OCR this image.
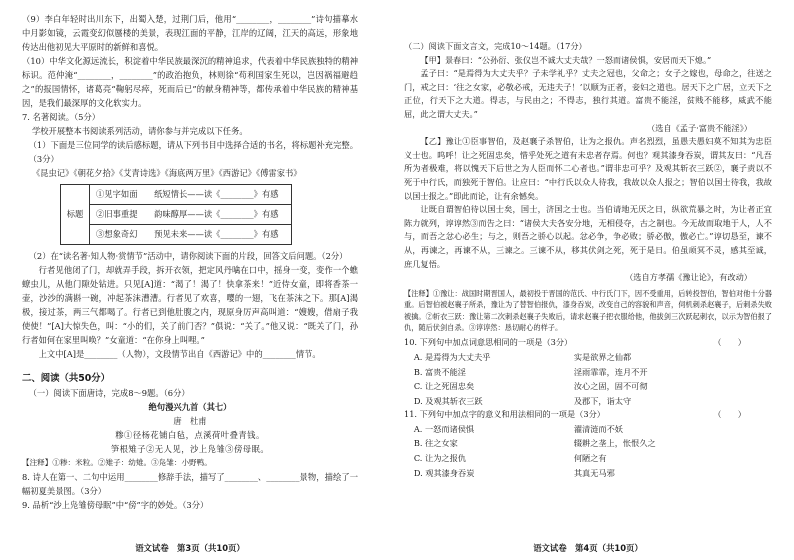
（9）李白年轻时出川东下，出蜀入楚，过荆门后，他用“________，________”诗句描摹水中月影如镜，云霞变幻似蜃楼的美景，表现江面的平静，江岸的辽阔，江天的高远，形象地传达出他初见大平原时的新鲜和喜悦。

（10）中华文化源远流长，积淀着中华民族最深沉的精神追求，代表着中华民族独特的精神标识。范仲淹“________，________”的政治抱负，林则徐“苟利国家生死以，岂因祸福避趋之”的报国情怀，诸葛亮“鞠躬尽瘁，死而后已”的献身精神等，都传承着中华民族的精神基因，是我们最深厚的文化软实力。

7. 名著阅读。（5分）

学校开展整本书阅读系列活动，请你参与并完成以下任务。

（1）下面是三位同学的读后感标题，请从下列书目中选择合适的书名，将标题补充完整。（3分）

《昆虫记》《朝花夕拾》《艾青诗选》《海底两万里》《西游记》《傅雷家书》

标题	①见字如面　　纸短情长——读《________》有感
②旧事重提　　韵味醇厚——读《________》有感
③想象奇幻　　预见未来——读《________》有感

（2）在“读名著·知人物·赏情节”活动中，请你阅读下面的片段，回答文后问题。（2分）

行者见他闭了门，却就弄手段，拆开衣领，把定风丹噙在口中，摇身一变，变作一个蟭蟟虫儿，从他门隙处钻进。只见[A]道：“渴了！渴了！快拿茶来！”近侍女童，即将香茶一壶，沙沙的满斟一碗，冲起茶沫漕漕。行者见了欢喜，嘤的一翅，飞在茶沫之下。那[A]渴极，接过茶，两三气都喝了。行者已到他肚腹之内，现原身厉声高叫道：“嫂嫂，借扇子我使使！”[A]大惊失色，叫：“小的们，关了前门否？”俱说：“关了。”他又说：“既关了门，孙行者如何在家里叫唤？”女童道：“在你身上叫哩。”

上文中[A]是________（人物），文段情节出自《西游记》中的________情节。

二、阅读（共50分）

（一）阅读下面唐诗，完成8～9题。（6分）

绝句漫兴九首（其七）

唐　杜甫

糁①径杨花铺白毡，点溪荷叶叠青钱。

笋根雉子②无人见，沙上凫雏③傍母眠。

【注释】①糁：米粒。②雉子：幼雉。③凫雏：小野鸭。

8. 诗人在第一、二句中运用________修辞手法，描写了________、________景物，描绘了一幅初夏美景图。（3分）

9. 品析“沙上凫雏傍母眠”中“傍”字的妙处。（3分）

语文试卷　第3页（共10页）

（二）阅读下面文言文，完成10～14题。（17分）

【甲】景春曰：“公孙衍、张仪岂不诚大丈夫哉？一怒而诸侯惧，安居而天下熄。”

孟子曰：“是焉得为大丈夫乎？子未学礼乎？丈夫之冠也，父命之；女子之嫁也，母命之，往送之门，戒之曰：‘往之女家，必敬必戒，无违夫子！’以顺为正者，妾妇之道也。居天下之广居，立天下之正位，行天下之大道。得志，与民由之；不得志，独行其道。富贵不能淫，贫贱不能移，威武不能屈，此之谓大丈夫。”

（选自《孟子·富贵不能淫》）

【乙】豫让①臣事智伯，及赵襄子杀智伯，让为之报仇。声名烈烈，虽愚夫愚妇莫不知其为忠臣义士也。呜呼！让之死固忠矣，惜乎处死之道有未忠者存焉。何也？观其漆身吞炭，谓其友曰：“凡吾所为者极难，将以愧天下后世之为人臣而怀二心者也。”谓非忠可乎？及观其斩衣三跃②，襄子责以不死于中行氏，而独死于智伯。让应曰：“中行氏以众人待我，我故以众人报之；智伯以国士待我，我故以国士报之。”即此而论，让有余憾矣。

让既自谓智伯待以国士矣，国士，济国之士也。当伯请地无厌之日，纵欲荒暴之时，为让者正宜陈力就列，谆谆然③而告之曰：“诸侯大夫各安分地，无相侵夺，古之制也。今无故而取地于人，人不与，而吾之忿心必生；与之，则吾之骄心以起。忿必争，争必败；骄必傲，傲必亡。”谆切恳至，谏不从，再谏之，再谏不从，三谏之。三谏不从，移其伏剑之死，死于是日。伯虽顽冥不灵，感其至诚，庶几复悟。

（选自方孝孺《豫让论》，有改动）

【注释】①豫让：战国时期晋国人，最初投于晋国的范氏、中行氏门下，因不受重用，后转投智伯，智伯对他十分器重。后智伯被赵襄子所杀，豫让为了替智伯报仇，漆身吞炭，改变自己的容貌和声音，伺机刺杀赵襄子，后刺杀失败被擒。②斩衣三跃：豫让第二次刺杀赵襄子失败后，请求赵襄子把衣服给他，他拔剑三次跃起刺衣，以示为智伯报了仇，随后伏剑自杀。③谆谆然：恳切耐心的样子。

10. 下列句中加点词意思相同的一项是（3分）	（　　）
A. 是焉得为大丈夫乎	实是欲界之仙都
B. 富贵不能淫	淫雨霏霏，连月不开
C. 让之死固忠矣	汝心之固，固不可彻
D. 及观其斩衣三跃	及郡下，诣太守

11. 下列句中加点字的意义和用法相同的一项是（3分）	（　　）
A. 一怒而诸侯惧	濯清涟而不妖
B. 往之女家	辍耕之垄上，怅恨久之
C. 让为之报仇	何陋之有
D. 观其漆身吞炭	其真无马邪
语文试卷　第4页（共10页）
